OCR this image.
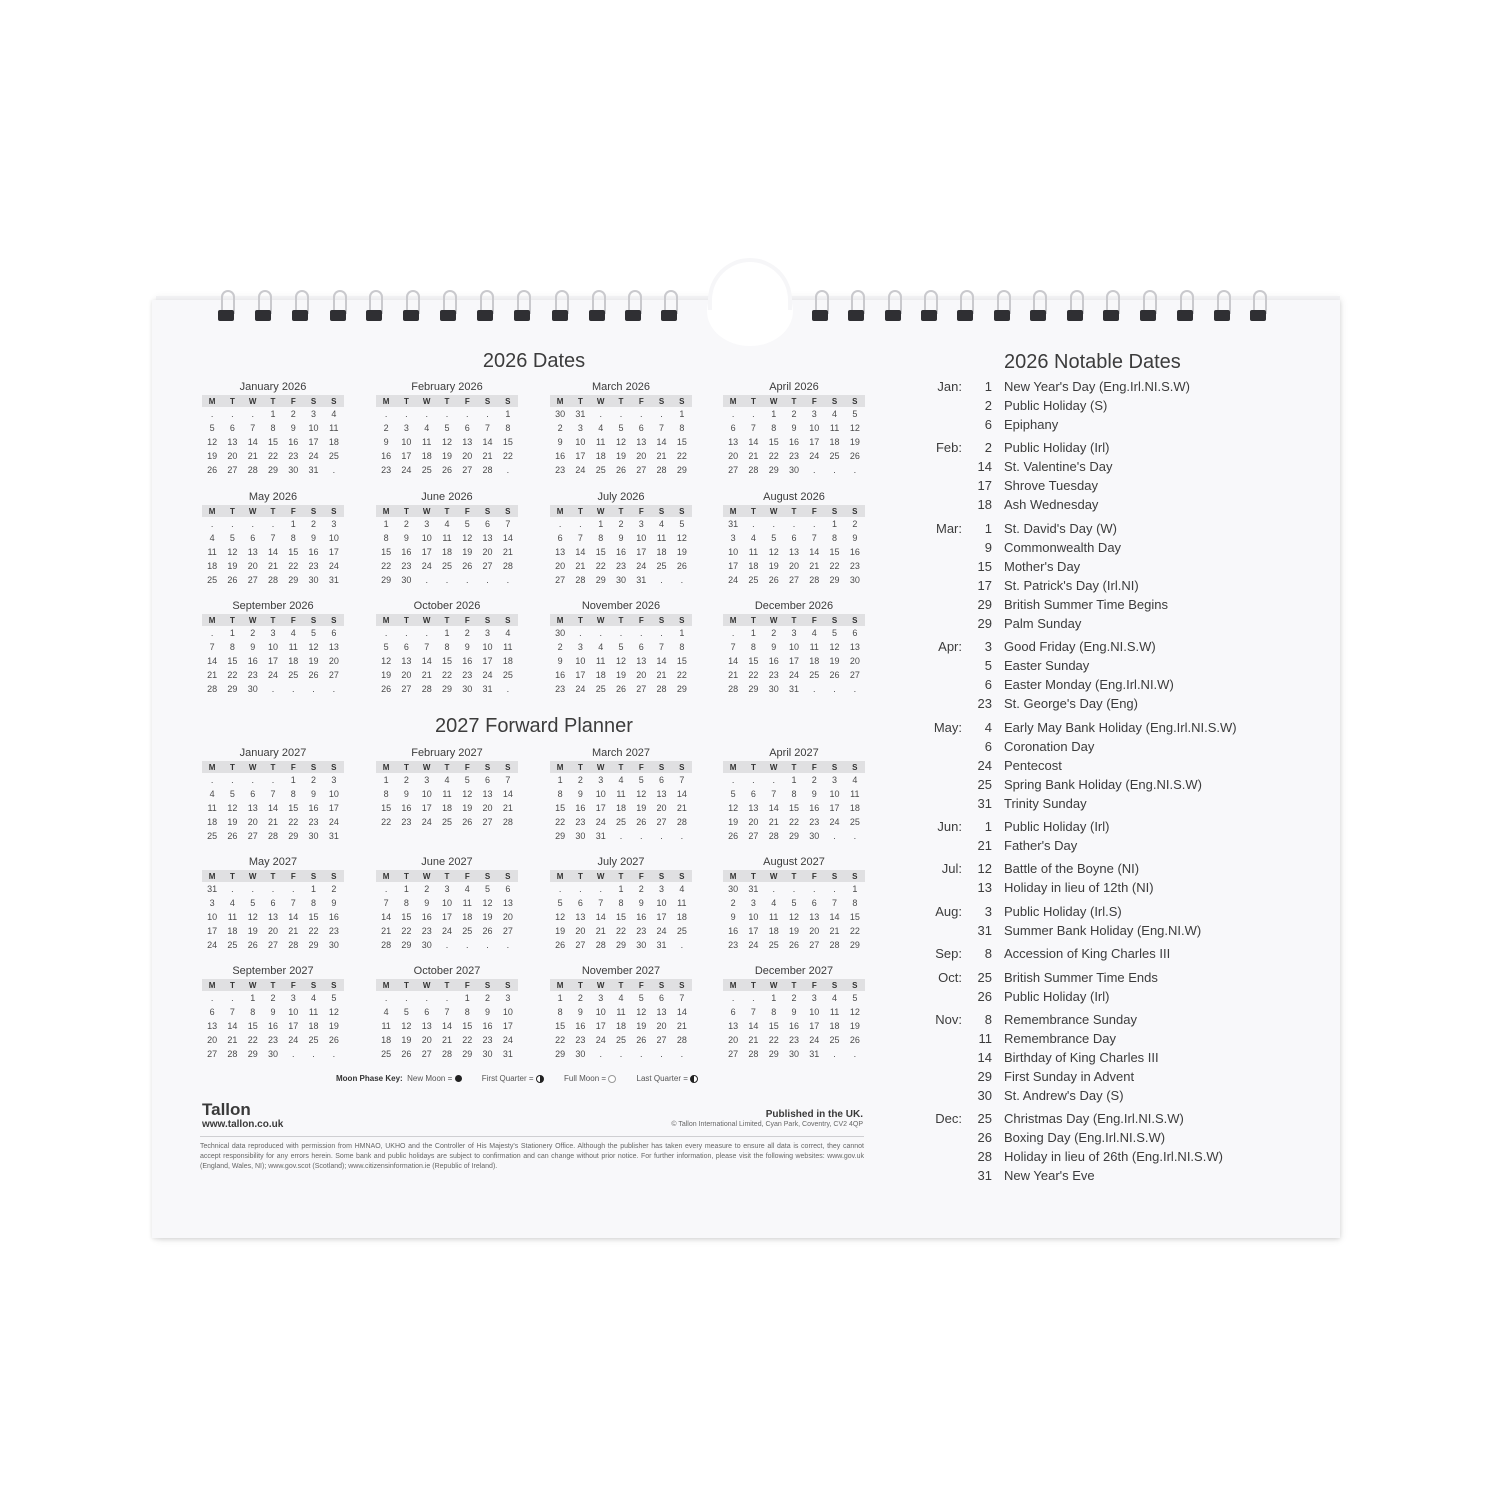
2026 Dates
January 2026
M	T	W	T	F	S	S
.	.	.	1	2	3	4
5	6	7	8	9	10	11
12	13	14	15	16	17	18
19	20	21	22	23	24	25
26	27	28	29	30	31	.
February 2026
M	T	W	T	F	S	S
.	.	.	.	.	.	1
2	3	4	5	6	7	8
9	10	11	12	13	14	15
16	17	18	19	20	21	22
23	24	25	26	27	28	.
March 2026
M	T	W	T	F	S	S
30	31	.	.	.	.	1
2	3	4	5	6	7	8
9	10	11	12	13	14	15
16	17	18	19	20	21	22
23	24	25	26	27	28	29
April 2026
M	T	W	T	F	S	S
.	.	1	2	3	4	5
6	7	8	9	10	11	12
13	14	15	16	17	18	19
20	21	22	23	24	25	26
27	28	29	30	.	.	.
May 2026
M	T	W	T	F	S	S
.	.	.	.	1	2	3
4	5	6	7	8	9	10
11	12	13	14	15	16	17
18	19	20	21	22	23	24
25	26	27	28	29	30	31
June 2026
M	T	W	T	F	S	S
1	2	3	4	5	6	7
8	9	10	11	12	13	14
15	16	17	18	19	20	21
22	23	24	25	26	27	28
29	30	.	.	.	.	.
July 2026
M	T	W	T	F	S	S
.	.	1	2	3	4	5
6	7	8	9	10	11	12
13	14	15	16	17	18	19
20	21	22	23	24	25	26
27	28	29	30	31	.	.
August 2026
M	T	W	T	F	S	S
31	.	.	.	.	1	2
3	4	5	6	7	8	9
10	11	12	13	14	15	16
17	18	19	20	21	22	23
24	25	26	27	28	29	30
September 2026
M	T	W	T	F	S	S
.	1	2	3	4	5	6
7	8	9	10	11	12	13
14	15	16	17	18	19	20
21	22	23	24	25	26	27
28	29	30	.	.	.	.
October 2026
M	T	W	T	F	S	S
.	.	.	1	2	3	4
5	6	7	8	9	10	11
12	13	14	15	16	17	18
19	20	21	22	23	24	25
26	27	28	29	30	31	.
November 2026
M	T	W	T	F	S	S
30	.	.	.	.	.	1
2	3	4	5	6	7	8
9	10	11	12	13	14	15
16	17	18	19	20	21	22
23	24	25	26	27	28	29
December 2026
M	T	W	T	F	S	S
.	1	2	3	4	5	6
7	8	9	10	11	12	13
14	15	16	17	18	19	20
21	22	23	24	25	26	27
28	29	30	31	.	.	.
2027 Forward Planner
January 2027
M	T	W	T	F	S	S
.	.	.	.	1	2	3
4	5	6	7	8	9	10
11	12	13	14	15	16	17
18	19	20	21	22	23	24
25	26	27	28	29	30	31
February 2027
M	T	W	T	F	S	S
1	2	3	4	5	6	7
8	9	10	11	12	13	14
15	16	17	18	19	20	21
22	23	24	25	26	27	28
March 2027
M	T	W	T	F	S	S
1	2	3	4	5	6	7
8	9	10	11	12	13	14
15	16	17	18	19	20	21
22	23	24	25	26	27	28
29	30	31	.	.	.	.
April 2027
M	T	W	T	F	S	S
.	.	.	1	2	3	4
5	6	7	8	9	10	11
12	13	14	15	16	17	18
19	20	21	22	23	24	25
26	27	28	29	30	.	.
May 2027
M	T	W	T	F	S	S
31	.	.	.	.	1	2
3	4	5	6	7	8	9
10	11	12	13	14	15	16
17	18	19	20	21	22	23
24	25	26	27	28	29	30
June 2027
M	T	W	T	F	S	S
.	1	2	3	4	5	6
7	8	9	10	11	12	13
14	15	16	17	18	19	20
21	22	23	24	25	26	27
28	29	30	.	.	.	.
July 2027
M	T	W	T	F	S	S
.	.	.	1	2	3	4
5	6	7	8	9	10	11
12	13	14	15	16	17	18
19	20	21	22	23	24	25
26	27	28	29	30	31	.
August 2027
M	T	W	T	F	S	S
30	31	.	.	.	.	1
2	3	4	5	6	7	8
9	10	11	12	13	14	15
16	17	18	19	20	21	22
23	24	25	26	27	28	29
September 2027
M	T	W	T	F	S	S
.	.	1	2	3	4	5
6	7	8	9	10	11	12
13	14	15	16	17	18	19
20	21	22	23	24	25	26
27	28	29	30	.	.	.
October 2027
M	T	W	T	F	S	S
.	.	.	.	1	2	3
4	5	6	7	8	9	10
11	12	13	14	15	16	17
18	19	20	21	22	23	24
25	26	27	28	29	30	31
November 2027
M	T	W	T	F	S	S
1	2	3	4	5	6	7
8	9	10	11	12	13	14
15	16	17	18	19	20	21
22	23	24	25	26	27	28
29	30	.	.	.	.	.
December 2027
M	T	W	T	F	S	S
.	.	1	2	3	4	5
6	7	8	9	10	11	12
13	14	15	16	17	18	19
20	21	22	23	24	25	26
27	28	29	30	31	.	.
Moon Phase Key: New Moon =	First Quarter =	Full Moon =	Last Quarter =
Tallon
www.tallon.co.uk
Published in the UK.
© Tallon International Limited, Cyan Park, Coventry, CV2 4QP
Technical data reproduced with permission from HMNAO, UKHO and the Controller of His Majesty's Stationery Office. Although the publisher has taken every measure to ensure all data is correct, they cannot accept responsibility for any errors herein. Some bank and public holidays are subject to confirmation and can change without prior notice. For further information, please visit the following websites: www.gov.uk (England, Wales, NI); www.gov.scot (Scotland); www.citizensinformation.ie (Republic of Ireland).
2026 Notable Dates
Jan:	1 New Year's Day (Eng.Irl.NI.S.W)
2 Public Holiday (S)
6 Epiphany
Feb:	2 Public Holiday (Irl)
14 St. Valentine's Day
17 Shrove Tuesday
18 Ash Wednesday
Mar:	1 St. David's Day (W)
9 Commonwealth Day
15 Mother's Day
17 St. Patrick's Day (Irl.NI)
29 British Summer Time Begins
29 Palm Sunday
Apr:	3 Good Friday (Eng.NI.S.W)
5 Easter Sunday
6 Easter Monday (Eng.Irl.NI.W)
23 St. George's Day (Eng)
May:	4 Early May Bank Holiday (Eng.Irl.NI.S.W)
6 Coronation Day
24 Pentecost
25 Spring Bank Holiday (Eng.NI.S.W)
31 Trinity Sunday
Jun:	1 Public Holiday (Irl)
21 Father's Day
Jul:	12 Battle of the Boyne (NI)
13 Holiday in lieu of 12th (NI)
Aug:	3 Public Holiday (Irl.S)
31 Summer Bank Holiday (Eng.NI.W)
Sep:	8 Accession of King Charles III
Oct:	25 British Summer Time Ends
26 Public Holiday (Irl)
Nov:	8 Remembrance Sunday
11 Remembrance Day
14 Birthday of King Charles III
29 First Sunday in Advent
30 St. Andrew's Day (S)
Dec:	25 Christmas Day (Eng.Irl.NI.S.W)
26 Boxing Day (Eng.Irl.NI.S.W)
28 Holiday in lieu of 26th (Eng.Irl.NI.S.W)
31 New Year's Eve
